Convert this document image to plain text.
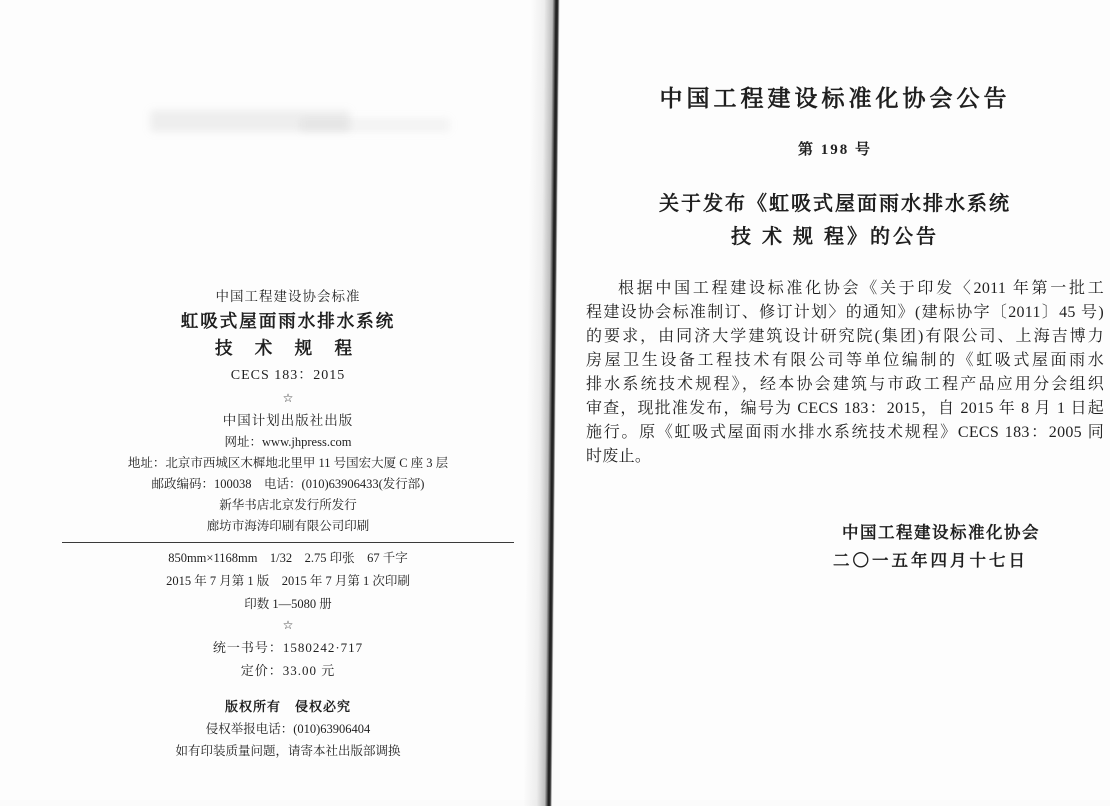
中国工程建设协会标准
虹吸式屋面雨水排水系统
技 术 规 程
CECS 183：2015
☆
中国计划出版社出版
网址：www.jhpress.com
地址：北京市西城区木樨地北里甲 11 号国宏大厦 C 座 3 层
邮政编码：100038　电话：(010)63906433(发行部)
新华书店北京发行所发行
廊坊市海涛印刷有限公司印刷
850mm×1168mm　1/32　2.75 印张　67 千字
2015 年 7 月第 1 版　2015 年 7 月第 1 次印刷
印数 1—5080 册
☆
统一书号：1580242·717
定价：33.00 元
版权所有　侵权必究
侵权举报电话：(010)63906404
如有印装质量问题，请寄本社出版部调换
中国工程建设标准化协会公告
第 198 号
关于发布《虹吸式屋面雨水排水系统
技 术 规 程》的公告
根据中国工程建设标准化协会《关于印发〈2011 年第一批工
程建设协会标准制订、修订计划〉的通知》(建标协字〔2011〕45 号)
的要求，由同济大学建筑设计研究院(集团)有限公司、上海吉博力
房屋卫生设备工程技术有限公司等单位编制的《虹吸式屋面雨水
排水系统技术规程》，经本协会建筑与市政工程产品应用分会组织
审查，现批准发布，编号为 CECS 183：2015，自 2015 年 8 月 1 日起
施行。原《虹吸式屋面雨水排水系统技术规程》CECS 183：2005 同
时废止。
中国工程建设标准化协会
二〇一五年四月十七日
